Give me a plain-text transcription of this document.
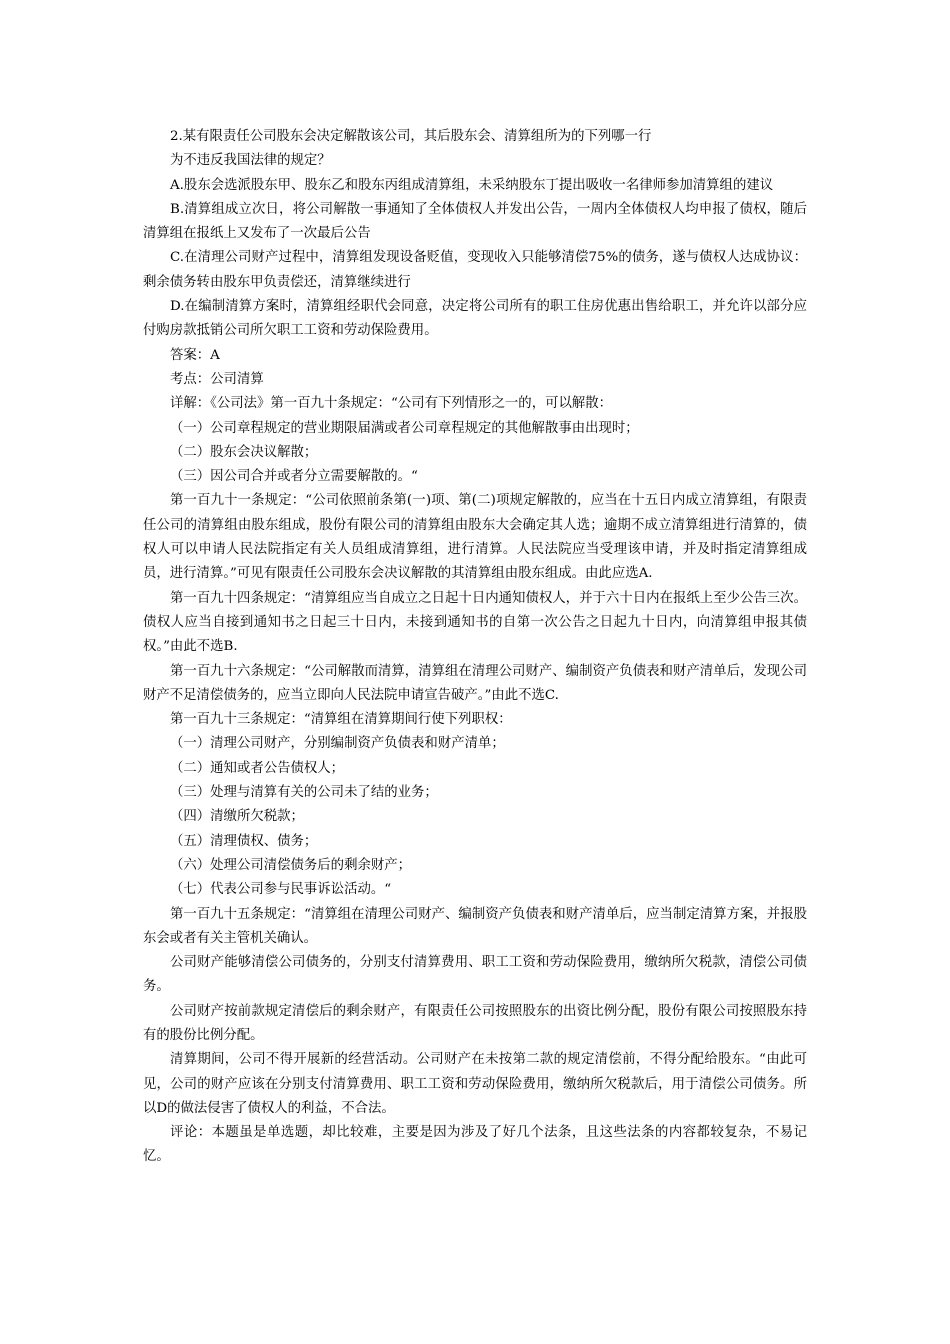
2.某有限责任公司股东会决定解散该公司，其后股东会、清算组所为的下列哪一行

为不违反我国法律的规定？

A.股东会选派股东甲、股东乙和股东丙组成清算组，未采纳股东丁提出吸收一名律师参加清算组的建议

B.清算组成立次日，将公司解散一事通知了全体债权人并发出公告，一周内全体债权人均申报了债权，随后清算组在报纸上又发布了一次最后公告

C.在清理公司财产过程中，清算组发现设备贬值，变现收入只能够清偿75%的债务，遂与债权人达成协议：剩余债务转由股东甲负责偿还，清算继续进行

D.在编制清算方案时，清算组经职代会同意，决定将公司所有的职工住房优惠出售给职工，并允许以部分应付购房款抵销公司所欠职工工资和劳动保险费用。

答案：A

考点：公司清算

详解：《公司法》第一百九十条规定：“公司有下列情形之一的，可以解散：

（一）公司章程规定的营业期限届满或者公司章程规定的其他解散事由出现时；

（二）股东会决议解散；

（三）因公司合并或者分立需要解散的。“

第一百九十一条规定：“公司依照前条第(一)项、第(二)项规定解散的，应当在十五日内成立清算组，有限责任公司的清算组由股东组成，股份有限公司的清算组由股东大会确定其人选；逾期不成立清算组进行清算的，债权人可以申请人民法院指定有关人员组成清算组，进行清算。人民法院应当受理该申请，并及时指定清算组成员，进行清算。”可见有限责任公司股东会决议解散的其清算组由股东组成。由此应选A.

第一百九十四条规定：“清算组应当自成立之日起十日内通知债权人，并于六十日内在报纸上至少公告三次。债权人应当自接到通知书之日起三十日内，未接到通知书的自第一次公告之日起九十日内，向清算组申报其债权。”由此不选B.

第一百九十六条规定：“公司解散而清算，清算组在清理公司财产、编制资产负债表和财产清单后，发现公司财产不足清偿债务的，应当立即向人民法院申请宣告破产。”由此不选C.

第一百九十三条规定：“清算组在清算期间行使下列职权：

（一）清理公司财产，分别编制资产负债表和财产清单；

（二）通知或者公告债权人；

（三）处理与清算有关的公司未了结的业务；

（四）清缴所欠税款；

（五）清理债权、债务；

（六）处理公司清偿债务后的剩余财产；

（七）代表公司参与民事诉讼活动。“

第一百九十五条规定：“清算组在清理公司财产、编制资产负债表和财产清单后，应当制定清算方案，并报股东会或者有关主管机关确认。

公司财产能够清偿公司债务的，分别支付清算费用、职工工资和劳动保险费用，缴纳所欠税款，清偿公司债务。

公司财产按前款规定清偿后的剩余财产，有限责任公司按照股东的出资比例分配，股份有限公司按照股东持有的股份比例分配。

清算期间，公司不得开展新的经营活动。公司财产在未按第二款的规定清偿前，不得分配给股东。“由此可见，公司的财产应该在分别支付清算费用、职工工资和劳动保险费用，缴纳所欠税款后，用于清偿公司债务。所以D的做法侵害了债权人的利益，不合法。

评论：本题虽是单选题，却比较难，主要是因为涉及了好几个法条，且这些法条的内容都较复杂，不易记忆。
